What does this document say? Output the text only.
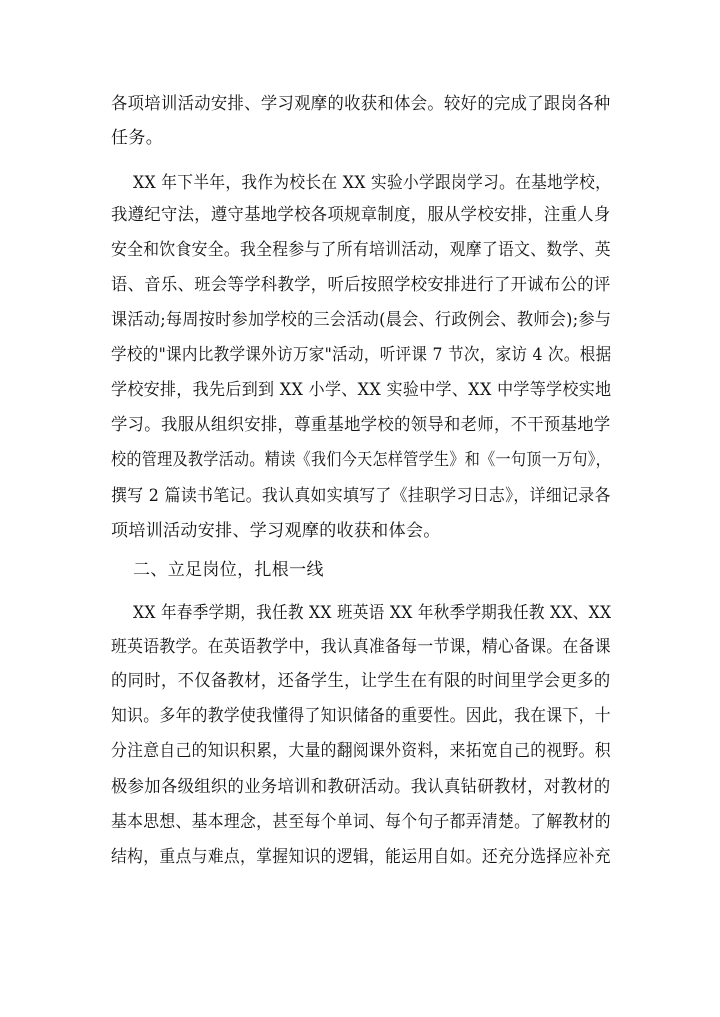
各项培训活动安排、学习观摩的收获和体会。较好的完成了跟岗各种
任务。
XX 年下半年，我作为校长在 XX 实验小学跟岗学习。在基地学校，
我遵纪守法，遵守基地学校各项规章制度，服从学校安排，注重人身
安全和饮食安全。我全程参与了所有培训活动，观摩了语文、数学、英
语、音乐、班会等学科教学，听后按照学校安排进行了开诚布公的评
课活动;每周按时参加学校的三会活动(晨会、行政例会、教师会);参与
学校的"课内比教学课外访万家"活动，听评课 7 节次，家访 4 次。根据
学校安排，我先后到到 XX 小学、XX 实验中学、XX 中学等学校实地
学习。我服从组织安排，尊重基地学校的领导和老师，不干预基地学
校的管理及教学活动。精读《我们今天怎样管学生》和《一句顶一万句》，
撰写 2 篇读书笔记。我认真如实填写了《挂职学习日志》，详细记录各
项培训活动安排、学习观摩的收获和体会。
二、立足岗位，扎根一线
XX 年春季学期，我任教 XX 班英语 XX 年秋季学期我任教 XX、XX
班英语教学。在英语教学中，我认真准备每一节课，精心备课。在备课
的同时，不仅备教材，还备学生，让学生在有限的时间里学会更多的
知识。多年的教学使我懂得了知识储备的重要性。因此，我在课下，十
分注意自己的知识积累，大量的翻阅课外资料，来拓宽自己的视野。积
极参加各级组织的业务培训和教研活动。我认真钻研教材，对教材的
基本思想、基本理念，甚至每个单词、每个句子都弄清楚。了解教材的
结构，重点与难点，掌握知识的逻辑，能运用自如。还充分选择应补充
